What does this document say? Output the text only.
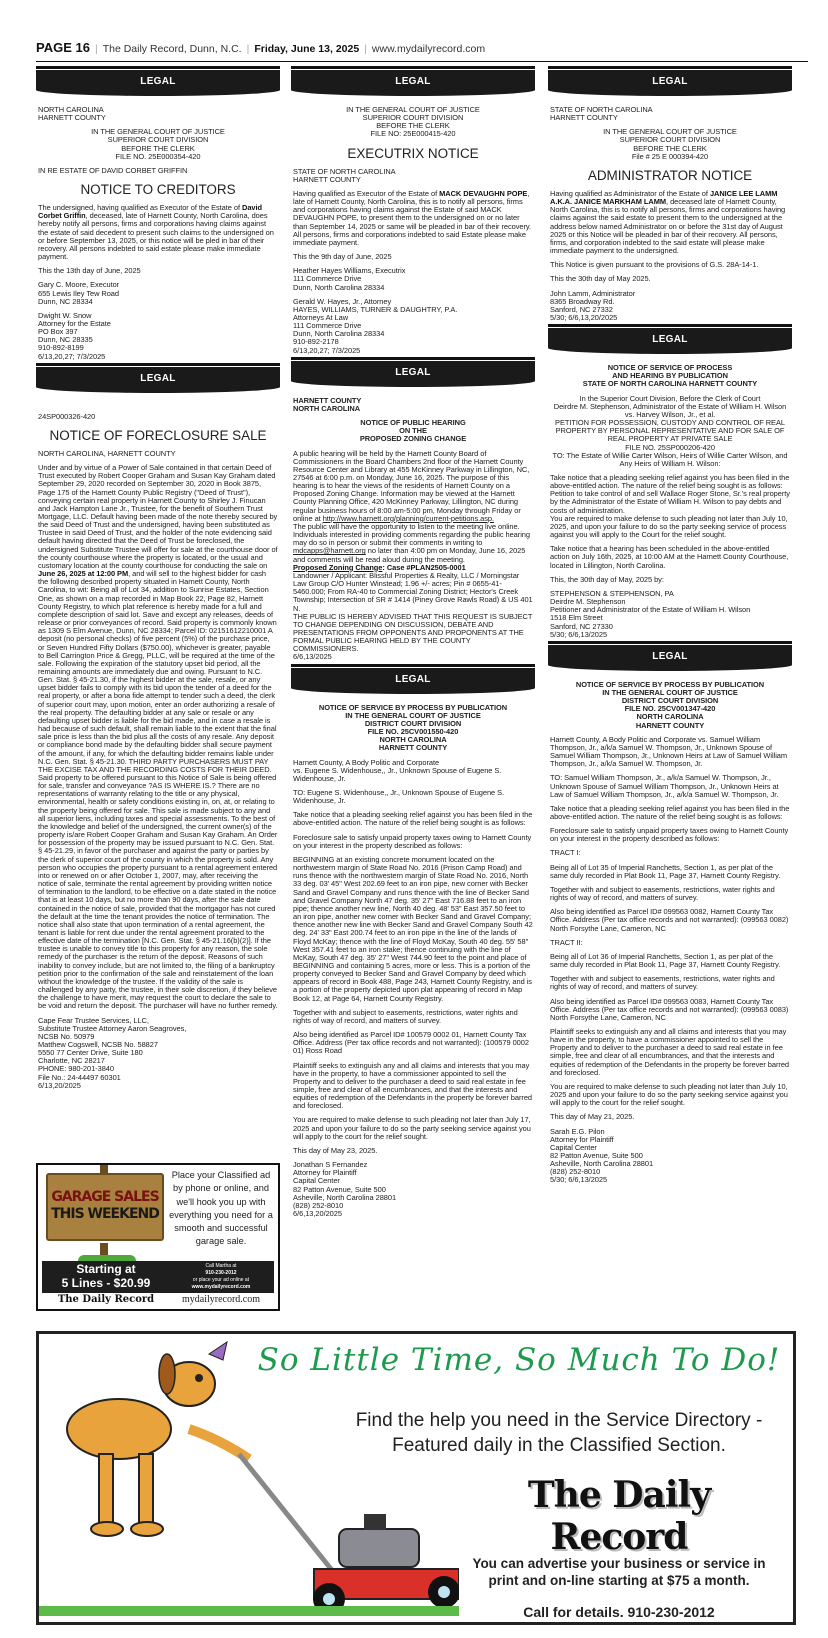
PAGE 16 | The Daily Record, Dunn, N.C. | Friday, June 13, 2025 | www.mydailyrecord.com
LEGAL
NORTH CAROLINA
HARNETT COUNTY
IN THE GENERAL COURT OF JUSTICE
SUPERIOR COURT DIVISION
BEFORE THE CLERK
FILE NO. 25E000354-420
IN RE ESTATE OF DAVID CORBET GRIFFIN
NOTICE TO CREDITORS
The undersigned, having qualified as Executor of the Estate of David Corbet Griffin, deceased, late of Harnett County, North Carolina, does hereby notify all persons, firms and corporations having claims against the estate of said decedent to present such claims to the undersigned on or before September 13, 2025, or this notice will be pled in bar of their recovery. All persons indebted to said estate please make immediate payment.
This the 13th day of June, 2025
Gary C. Moore, Executor
655 Lewis Iley Tew Road
Dunn, NC 28334
Dwight W. Snow
Attorney for the Estate
PO Box 397
Dunn, NC 28335
910-892-8199
6/13,20,27; 7/3/2025
LEGAL
24SP000326-420
NOTICE OF FORECLOSURE SALE
NORTH CAROLINA, HARNETT COUNTY
Under and by virtue of a Power of Sale contained in that certain Deed of Trust executed by Robert Cooper Graham and Susan Kay Graham dated September 29, 2020 recorded on September 30, 2020 in Book 3875, Page 175 of the Harnett County Public Registry ("Deed of Trust"), conveying certain real property in Harnett County to Shirley J. Finucan and Jack Hampton Lane Jr., Trustee, for the benefit of Southern Trust Mortgage, LLC. Default having been made of the note thereby secured by the said Deed of Trust and the undersigned, having been substituted as Trustee in said Deed of Trust, and the holder of the note evidencing said default having directed that the Deed of Trust be foreclosed, the undersigned Substitute Trustee will offer for sale at the courthouse door of the county courthouse where the property is located, or the usual and customary location at the county courthouse for conducting the sale on June 26, 2025 at 12:00 PM, and will sell to the highest bidder for cash the following described property situated in Harnett County, North Carolina, to wit: Being all of Lot 34, addition to Sunrise Estates, Section One, as shown on a map recorded in Map Book 22, Page 82, Harnett County Registry, to which plat reference is hereby made for a full and complete description of said lot. Save and except any releases, deeds of release or prior conveyances of record. Said property is commonly known as 1309 S Elm Avenue, Dunn, NC 28334; Parcel ID: 02151612210001 A deposit (no personal checks) of five percent (5%) of the purchase price, or Seven Hundred Fifty Dollars ($750.00), whichever is greater, payable to Bell Carrington Price & Gregg, PLLC, will be required at the time of the sale. Following the expiration of the statutory upset bid period, all the remaining amounts are immediately due and owing. Pursuant to N.C. Gen. Stat. § 45-21.30, if the highest bidder at the sale, resale, or any upset bidder fails to comply with its bid upon the tender of a deed for the real property, or after a bona fide attempt to tender such a deed, the clerk of superior court may, upon motion, enter an order authorizing a resale of the real property. The defaulting bidder at any sale or resale or any defaulting upset bidder is liable for the bid made, and in case a resale is had because of such default, shall remain liable to the extent that the final sale price is less than the bid plus all the costs of any resale. Any deposit or compliance bond made by the defaulting bidder shall secure payment of the amount, if any, for which the defaulting bidder remains liable under N.C. Gen. Stat. § 45-21.30. THIRD PARTY PURCHASERS MUST PAY THE EXCISE TAX AND THE RECORDING COSTS FOR THEIR DEED. Said property to be offered pursuant to this Notice of Sale is being offered for sale, transfer and conveyance ?AS IS WHERE IS.? There are no representations of warranty relating to the title or any physical, environmental, health or safety conditions existing in, on, at, or relating to the property being offered for sale. This sale is made subject to any and all superior liens, including taxes and special assessments. To the best of the knowledge and belief of the undersigned, the current owner(s) of the property is/are Robert Cooper Graham and Susan Kay Graham. An Order for possession of the property may be issued pursuant to N.C. Gen. Stat. § 45-21.29, in favor of the purchaser and against the party or parties by the clerk of superior court of the county in which the property is sold. Any person who occupies the property pursuant to a rental agreement entered into or renewed on or after October 1, 2007, may, after receiving the notice of sale, terminate the rental agreement by providing written notice of termination to the landlord, to be effective on a date stated in the notice that is at least 10 days, but no more than 90 days, after the sale date contained in the notice of sale, provided that the mortgagor has not cured the default at the time the tenant provides the notice of termination. The notice shall also state that upon termination of a rental agreement, the tenant is liable for rent due under the rental agreement prorated to the effective date of the termination [N.C. Gen. Stat. § 45-21.16(b)(2)]. If the trustee is unable to convey title to this property for any reason, the sole remedy of the purchaser is the return of the deposit. Reasons of such inability to convey include, but are not limited to, the filing of a bankruptcy petition prior to the confirmation of the sale and reinstatement of the loan without the knowledge of the trustee. If the validity of the sale is challenged by any party, the trustee, in their sole discretion, if they believe the challenge to have merit, may request the court to declare the sale to be void and return the deposit. The purchaser will have no further remedy.
Cape Fear Trustee Services, LLC,
Substitute Trustee Attorney Aaron Seagroves,
NCSB No. 50979
Matthew Cogswell, NCSB No. 58827
5550 77 Center Drive, Suite 180
Charlotte, NC 28217
PHONE: 980-201-3840
File No.: 24-44497 60301
6/13,20/2025
LEGAL
IN THE GENERAL COURT OF JUSTICE
SUPERIOR COURT DIVISION
BEFORE THE CLERK
FILE NO: 25E000415-420
EXECUTRIX NOTICE
STATE OF NORTH CAROLINA
HARNETT COUNTY
Having qualified as Executor of the Estate of MACK DEVAUGHN POPE, late of Harnett County, North Carolina, this is to notify all persons, firms and corporations having claims against the Estate of said MACK DEVAUGHN POPE, to present them to the undersigned on or no later than September 14, 2025 or same will be pleaded in bar of their recovery. All persons, firms and corporations indebted to said Estate please make immediate payment.
This the 9th day of June, 2025
Heather Hayes Williams, Executrix
111 Commerce Drive
Dunn, North Carolina 28334
Gerald W. Hayes, Jr., Attorney
HAYES, WILLIAMS, TURNER & DAUGHTRY, P.A.
Attorneys At Law
111 Commerce Drive
Dunn, North Carolina 28334
910-892-2178
6/13,20,27; 7/3/2025
LEGAL
HARNETT COUNTY
NORTH CAROLINA
NOTICE OF PUBLIC HEARING
ON THE
PROPOSED ZONING CHANGE
A public hearing will be held by the Harnett County Board of Commissioners in the Board Chambers 2nd floor of the Harnett County Resource Center and Library at 455 McKinney Parkway in Lillington, NC, 27546 at 6:00 p.m. on Monday, June 16, 2025. The purpose of this hearing is to hear the views of the residents of Harnett County on a Proposed Zoning Change. Information may be viewed at the Harnett County Planning Office, 420 McKinney Parkway, Lillington, NC during regular business hours of 8:00 am-5:00 pm, Monday through Friday or online at http://www.harnett.org/planning/current-petitions.asp.
The public will have the opportunity to listen to the meeting live online. Individuals interested in providing comments regarding the public hearing may do so in person or submit their comments in writing to mdcapps@harnett.org no later than 4:00 pm on Monday, June 16, 2025 and comments will be read aloud during the meeting.
Proposed Zoning Change: Case #PLAN2505-0001
Landowner / Applicant: Blissful Properties & Realty, LLC / Morningstar Law Group C/O Hunter Winstead; 1.96 +/- acres; Pin # 0655-41-5460.000; From RA-40 to Commercial Zoning District; Hector's Creek Township; Intersection of SR # 1414 (Piney Grove Rawls Road) & US 401 N.
THE PUBLIC IS HEREBY ADVISED THAT THIS REQUEST IS SUBJECT TO CHANGE DEPENDING ON DISCUSSION, DEBATE AND PRESENTATIONS FROM OPPONENTS AND PROPONENTS AT THE FORMAL PUBLIC HEARING HELD BY THE COUNTY COMMISSIONERS.
6/6,13/2025
LEGAL
NOTICE OF SERVICE BY PROCESS BY PUBLICATION
IN THE GENERAL COURT OF JUSTICE
DISTRICT COURT DIVISION
FILE NO. 25CV001550-420
NORTH CAROLINA
HARNETT COUNTY
Harnett County, A Body Politic and Corporate
vs. Eugene S. Widenhouse,, Jr., Unknown Spouse of Eugene S. Widenhouse, Jr.
TO: Eugene S. Widenhouse,, Jr., Unknown Spouse of Eugene S. Widenhouse, Jr.
Take notice that a pleading seeking relief against you has been filed in the above-entitled action. The nature of the relief being sought is as follows:
Foreclosure sale to satisfy unpaid property taxes owing to Harnett County on your interest in the property described as follows:
BEGINNING at an existing concrete monument located on the northwestern margin of State Road No. 2016 (Prison Camp Road) and runs thence with the northwestern margin of State Road No. 2016, North 33 deg. 03' 45" West 202.69 feet to an iron pipe, new corner with Becker Sand and Gravel Company and runs thence with the line of Becker Sand and Gravel Company North 47 deg. 35' 27" East 716.88 feet to an iron pipe; thence another new line, North 40 deg. 48' 53" East 357.50 feet to an iron pipe, another new corner with Becker Sand and Gravel Company; thence another new line with Becker Sand and Gravel Company South 42 deg. 24' 33" East 200.74 feet to an iron pipe in the line of the lands of Floyd McKay; thence with the line of Floyd McKay, South 40 deg. 55' 58" West 357.41 feet to an iron stake; thence continuing with the line of McKay, South 47 deg. 35' 27" West 744.90 feet to the point and place of BEGINNING and containing 5 acres, more or less. This is a portion of the property conveyed to Becker Sand and Gravel Company by deed which appears of record in Book 488, Page 243, Harnett County Registry, and is a portion of the property depicted upon plat appearing of record in Map Book 12, at Page 64, Harnett County Registry.
Together with and subject to easements, restrictions, water rights and rights of way of record, and matters of survey.
Also being identified as Parcel ID# 100579 0002 01, Harnett County Tax Office. Address (Per tax office records and not warranted): (100579 0002 01) Ross Road
Plaintiff seeks to extinguish any and all claims and interests that you may have in the property, to have a commissioner appointed to sell the Property and to deliver to the purchaser a deed to said real estate in fee simple, free and clear of all encumbrances, and that the interests and equities of redemption of the Defendants in the property be forever barred and foreclosed.
You are required to make defense to such pleading not later than July 17, 2025 and upon your failure to do so the party seeking service against you will apply to the court for the relief sought.
This day of May 23, 2025.
Jonathan S Fernandez
Attorney for Plaintiff
Capital Center
82 Patton Avenue, Suite 500
Asheville, North Carolina 28801
(828) 252-8010
6/6,13,20/2025
LEGAL
STATE OF NORTH CAROLINA
HARNETT COUNTY
IN THE GENERAL COURT OF JUSTICE
SUPERIOR COURT DIVISION
BEFORE THE CLERK
File # 25 E 000394-420
ADMINISTRATOR NOTICE
Having qualified as Administrator of the Estate of JANICE LEE LAMM A.K.A. JANICE MARKHAM LAMM, deceased late of Harnett County, North Carolina, this is to notify all persons, firms and corporations having claims against the said estate to present them to the undersigned at the address below named Administrator on or before the 31st day of August 2025 or this Notice will be pleaded in bar of their recovery. All persons, firms, and corporation indebted to the said estate will please make immediate payment to the undersigned.
This Notice is given pursuant to the provisions of G.S. 28A-14-1.
This the 30th day of May 2025.
John Lamm, Administrator
8365 Broadway Rd.
Sanford, NC 27332
5/30; 6/6,13,20/2025
LEGAL
NOTICE OF SERVICE OF PROCESS
AND HEARING BY PUBLICATION
STATE OF NORTH CAROLINA HARNETT COUNTY
In the Superior Court Division, Before the Clerk of Court
Deirdre M. Stephenson, Administrator of the Estate of William H. Wilson vs. Harvey Wilson, Jr., et al.
PETITION FOR POSSESSION, CUSTODY AND CONTROL OF REAL PROPERTY BY PERSONAL REPRESENTATIVE AND FOR SALE OF REAL PROPERTY AT PRIVATE SALE
FILE NO. 25SP000206-420
TO: The Estate of Willie Carter Wilson, Heirs of Willie Carter Wilson, and Any Heirs of William H. Wilson:
Take notice that a pleading seeking relief against you has been filed in the above-entitled action. The nature of the relief being sought is as follows:
Petition to take control of and sell Wallace Roger Stone, Sr.'s real property by the Administrator of the Estate of William H. Wilson to pay debts and costs of administration.
You are required to make defense to such pleading not later than July 10, 2025, and upon your failure to do so the party seeking service of process against you will apply to the Court for the relief sought.
Take notice that a hearing has been scheduled in the above-entitled action on July 16th, 2025, at 10:00 AM at the Harnett County Courthouse, located in Lillington, North Carolina.
This, the 30th day of May, 2025 by:
STEPHENSON & STEPHENSON, PA
Deirdre M. Stephenson
Petitioner and Administrator of the Estate of William H. Wilson
1518 Elm Street
Sanford, NC 27330
5/30; 6/6,13/2025
LEGAL
NOTICE OF SERVICE BY PROCESS BY PUBLICATION
IN THE GENERAL COURT OF JUSTICE
DISTRICT COURT DIVISION
FILE NO. 25CV001347-420
NORTH CAROLINA
HARNETT COUNTY
Harnett County, A Body Politic and Corporate vs. Samuel William Thompson, Jr., a/k/a Samuel W. Thompson, Jr., Unknown Spouse of Samuel William Thompson, Jr., Unknown Heirs at Law of Samuel William Thompson, Jr., a/k/a Samuel W. Thompson, Jr.
TO: Samuel William Thompson, Jr., a/k/a Samuel W. Thompson, Jr., Unknown Spouse of Samuel William Thompson, Jr., Unknown Heirs at Law of Samuel William Thompson, Jr., a/k/a Samuel W. Thompson, Jr.
Take notice that a pleading seeking relief against you has been filed in the above-entitled action. The nature of the relief being sought is as follows:
Foreclosure sale to satisfy unpaid property taxes owing to Harnett County on your interest in the property described as follows:
TRACT I:
Being all of Lot 35 of Imperial Ranchetts, Section 1, as per plat of the same duly recorded in Plat Book 11, Page 37, Harnett County Registry.
Together with and subject to easements, restrictions, water rights and rights of way of record, and matters of survey.
Also being identified as Parcel ID# 099563 0082, Harnett County Tax Office. Address (Per tax office records and not warranted): (099563 0082) North Forsythe Lane, Cameron, NC
TRACT II:
Being all of Lot 36 of Imperial Ranchetts, Section 1, as per plat of the same duly recorded in Plat Book 11, Page 37, Harnett County Registry.
Together with and subject to easements, restrictions, water rights and rights of way of record, and matters of survey.
Also being identified as Parcel ID# 099563 0083, Harnett County Tax Office. Address (Per tax office records and not warranted): (099563 0083) North Forsythe Lane, Cameron, NC
Plaintiff seeks to extinguish any and all claims and interests that you may have in the property, to have a commissioner appointed to sell the Property and to deliver to the purchaser a deed to said real estate in fee simple, free and clear of all encumbrances, and that the interests and equities of redemption of the Defendants in the property be forever barred and foreclosed.
You are required to make defense to such pleading not later than July 10, 2025 and upon your failure to do so the party seeking service against you will apply to the court for the relief sought.
This day of May 21, 2025.
Sarah E.G. Pilon
Attorney for Plaintiff
Capital Center
82 Patton Avenue, Suite 500
Asheville, North Carolina 28801
(828) 252-8010
5/30; 6/6,13/2025
GARAGE SALES
THIS WEEKEND
Place your Classified ad by phone or online, and we'll hook you up with everything you need for a smooth and successful garage sale.
Starting at
5 Lines - $20.99
Call Martha at
910-230-2012
or place your ad online at
www.mydailyrecord.com
The Daily Record	mydailyrecord.com
So Little Time, So Much To Do!
Find the help you need in the Service Directory - Featured daily in the Classified Section.
The Daily Record
You can advertise your business or service in print and on-line starting at $75 a month.
Call for details. 910-230-2012
